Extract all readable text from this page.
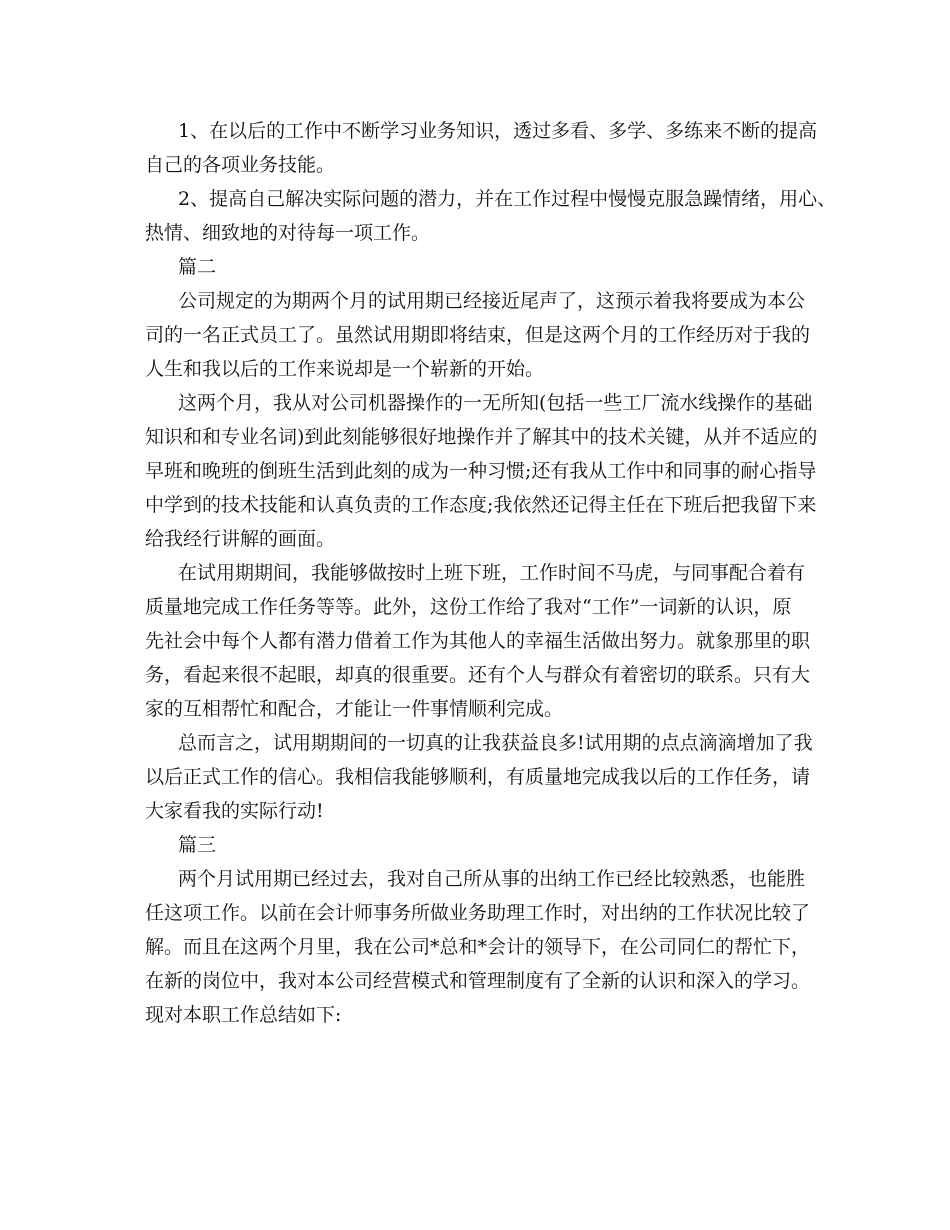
1、在以后的工作中不断学习业务知识，透过多看、多学、多练来不断的提高
自己的各项业务技能。
2、提高自己解决实际问题的潜力，并在工作过程中慢慢克服急躁情绪，用心、
热情、细致地的对待每一项工作。
篇二
公司规定的为期两个月的试用期已经接近尾声了，这预示着我将要成为本公
司的一名正式员工了。虽然试用期即将结束，但是这两个月的工作经历对于我的
人生和我以后的工作来说却是一个崭新的开始。
这两个月，我从对公司机器操作的一无所知(包括一些工厂流水线操作的基础
知识和和专业名词)到此刻能够很好地操作并了解其中的技术关键，从并不适应的
早班和晚班的倒班生活到此刻的成为一种习惯;还有我从工作中和同事的耐心指导
中学到的技术技能和认真负责的工作态度;我依然还记得主任在下班后把我留下来
给我经行讲解的画面。
在试用期期间，我能够做按时上班下班，工作时间不马虎，与同事配合着有
质量地完成工作任务等等。此外，这份工作给了我对“工作”一词新的认识，原
先社会中每个人都有潜力借着工作为其他人的幸福生活做出努力。就象那里的职
务，看起来很不起眼，却真的很重要。还有个人与群众有着密切的联系。只有大
家的互相帮忙和配合，才能让一件事情顺利完成。
总而言之，试用期期间的一切真的让我获益良多!试用期的点点滴滴增加了我
以后正式工作的信心。我相信我能够顺利，有质量地完成我以后的工作任务，请
大家看我的实际行动!
篇三
两个月试用期已经过去，我对自己所从事的出纳工作已经比较熟悉，也能胜
任这项工作。以前在会计师事务所做业务助理工作时，对出纳的工作状况比较了
解。而且在这两个月里，我在公司*总和*会计的领导下，在公司同仁的帮忙下，
在新的岗位中，我对本公司经营模式和管理制度有了全新的认识和深入的学习。
现对本职工作总结如下:
